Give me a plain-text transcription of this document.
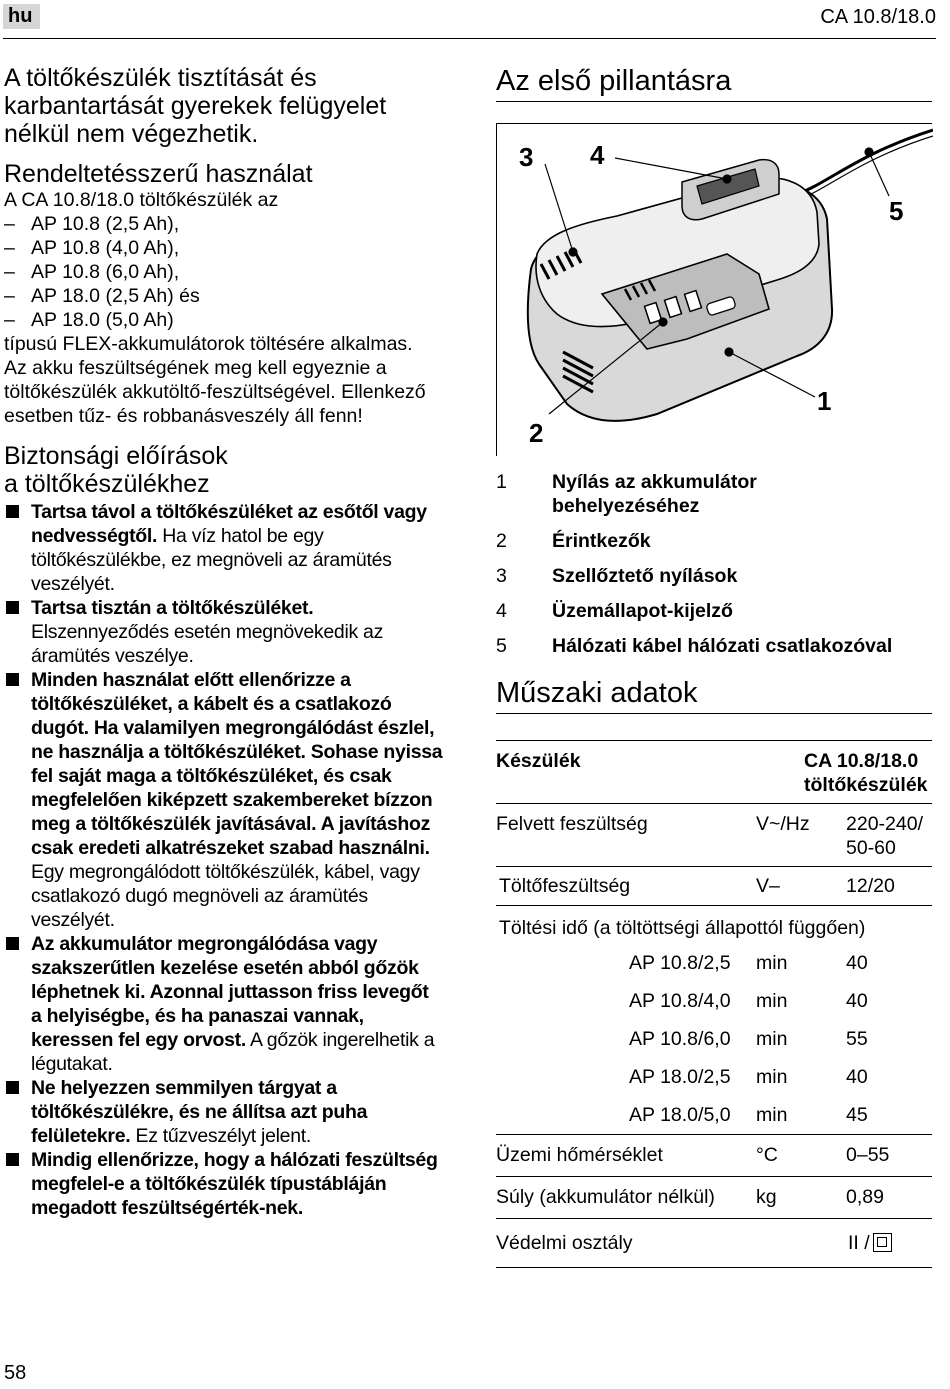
hu	CA 10.8/18.0

A töltőkészülék tisztítását és karbantartását gyerekek felügyelet nélkül nem végezhetik.

Rendeltetésszerű használat

A CA 10.8/18.0 töltőkészülék az

– AP 10.8 (2,5 Ah),
– AP 10.8 (4,0 Ah),
– AP 10.8 (6,0 Ah),
– AP 18.0 (2,5 Ah) és
– AP 18.0 (5,0 Ah)

típusú FLEX-akkumulátorok töltésére alkalmas.

Az akku feszültségének meg kell egyeznie a töltőkészülék akkutöltő-feszültségével. Ellenkező esetben tűz- és robbanásveszély áll fenn!

Biztonsági előírások
a töltőkészülékhez
Tartsa távol a töltőkészüléket az esőtől vagy nedvességtől. Ha víz hatol be egy töltőkészülékbe, ez megnöveli az áramütés veszélyét.
Tartsa tisztán a töltőkészüléket. Elszennyeződés esetén megnövekedik az áramütés veszélye.
Minden használat előtt ellenőrizze a töltőkészüléket, a kábelt és a csatlakozó dugót. Ha valamilyen megrongálódást észlel, ne használja a töltőkészüléket. Sohase nyissa fel saját maga a töltőkészüléket, és csak megfelelően kiképzett szakembereket bízzon meg a töltőkészülék javításával. A javításhoz csak eredeti alkatrészeket szabad használni. Egy megrongálódott töltőkészülék, kábel, vagy csatlakozó dugó megnöveli az áramütés veszélyét.
Az akkumulátor megrongálódása vagy szakszerűtlen kezelése esetén abból gőzök léphetnek ki. Azonnal juttasson friss levegőt a helyiségbe, és ha panaszai vannak, keressen fel egy orvost. A gőzök ingerelhetik a légutakat.
Ne helyezzen semmilyen tárgyat a töltőkészülékre, és ne állítsa azt puha felületekre. Ez tűzveszélyt jelent.
Mindig ellenőrizze, hogy a hálózati feszültség megfelel-e a töltőkészülék típustábláján megadott feszültségérték-nek.
Az első pillantásra
3 4
5
1
2
1	Nyílás az akkumulátor behelyezéséhez
2	Érintkezők
3	Szellőztető nyílások
4	Üzemállapot-kijelző
5	Hálózati kábel hálózati csatlakozóval
Műszaki adatok
Készülék	CA 10.8/18.0 töltőkészülék
Felvett feszültség	V~/Hz 220-240/ 50-60
Töltőfeszültség	V–	12/20
Töltési idő (a töltöttségi állapottól függően)
AP 10.8/2,5 min	40
AP 10.8/4,0 min	40
AP 10.8/6,0 min	55
AP 18.0/2,5 min	40
AP 18.0/5,0 min	45
Üzemi hőmérséklet	°C	0–55
Súly (akkumulátor nélkül) kg	0,89
Védelmi osztály	II /
58
